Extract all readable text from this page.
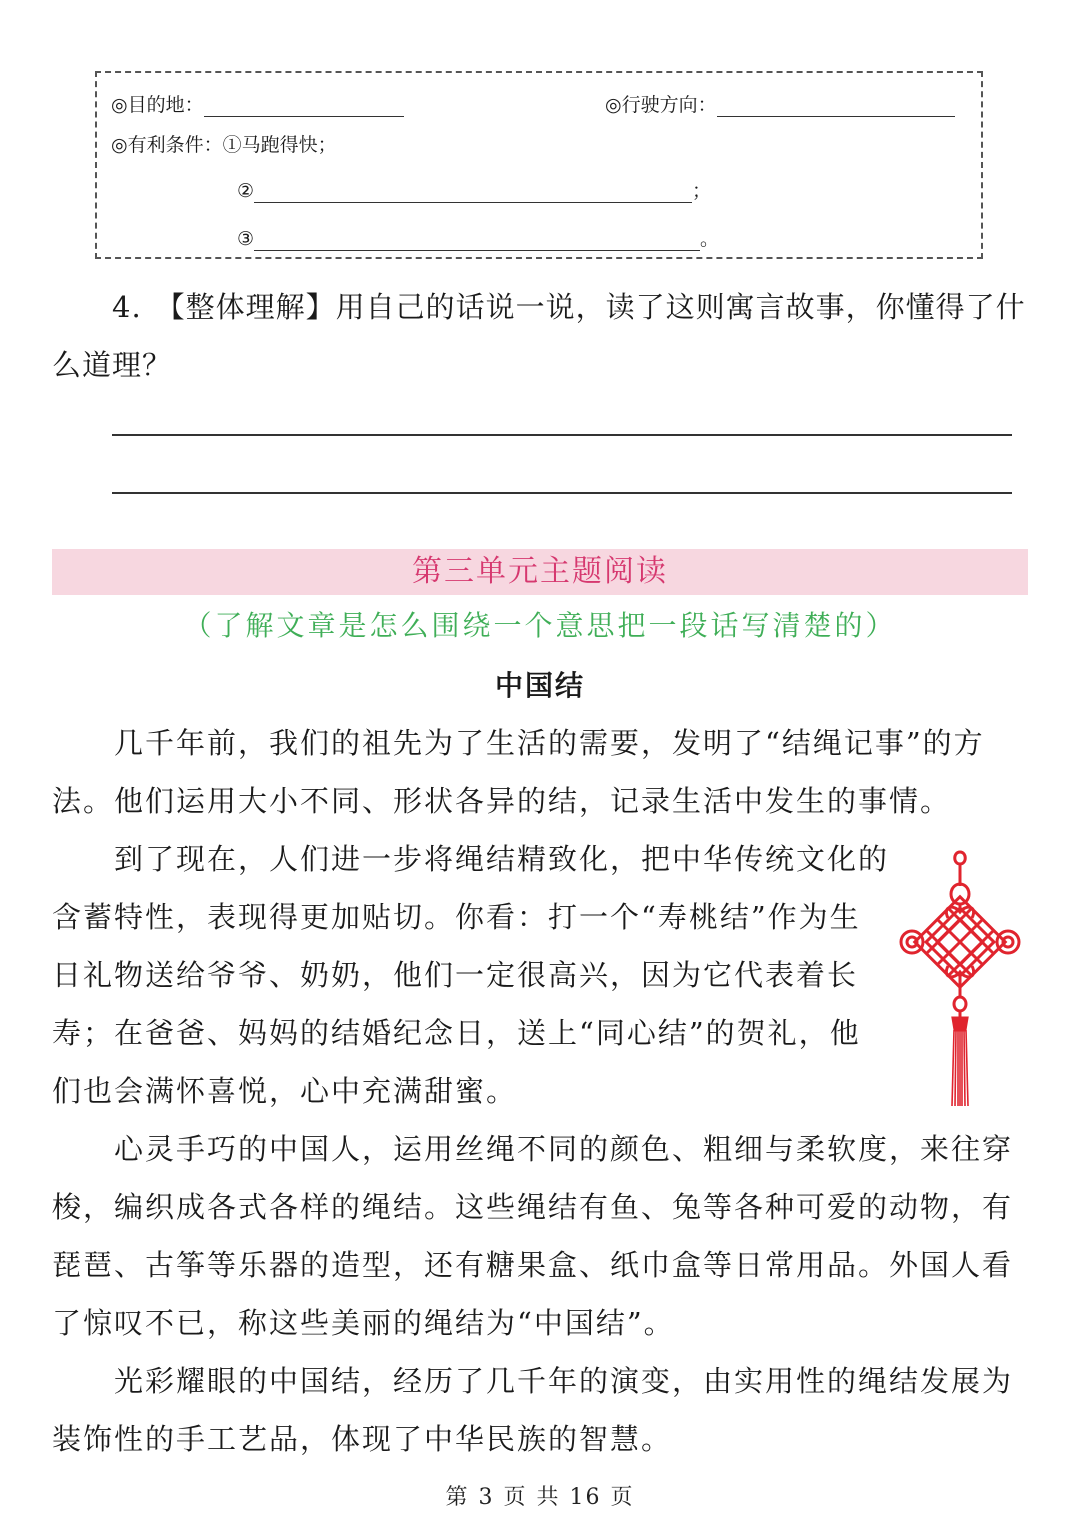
◎目的地：	◎行驶方向：
◎有利条件：①马跑得快；
②	；
③	。
4. 【整体理解】用自己的话说一说，读了这则寓言故事，你懂得了什么道理？
第三单元主题阅读
（了解文章是怎么围绕一个意思把一段话写清楚的）
中国结

几千年前，我们的祖先为了生活的需要，发明了“结绳记事”的方法。他们运用大小不同、形状各异的结，记录生活中发生的事情。

到了现在，人们进一步将绳结精致化，把中华传统文化的含蓄特性，表现得更加贴切。你看：打一个“寿桃结”作为生日礼物送给爷爷、奶奶，他们一定很高兴，因为它代表着长寿；在爸爸、妈妈的结婚纪念日，送上“同心结”的贺礼，他们也会满怀喜悦，心中充满甜蜜。

心灵手巧的中国人，运用丝绳不同的颜色、粗细与柔软度，来往穿梭，编织成各式各样的绳结。这些绳结有鱼、兔等各种可爱的动物，有琵琶、古筝等乐器的造型，还有糖果盒、纸巾盒等日常用品。外国人看了惊叹不已，称这些美丽的绳结为“中国结”。

光彩耀眼的中国结，经历了几千年的演变，由实用性的绳结发展为装饰性的手工艺品，体现了中华民族的智慧。

第 3 页 共 16 页
